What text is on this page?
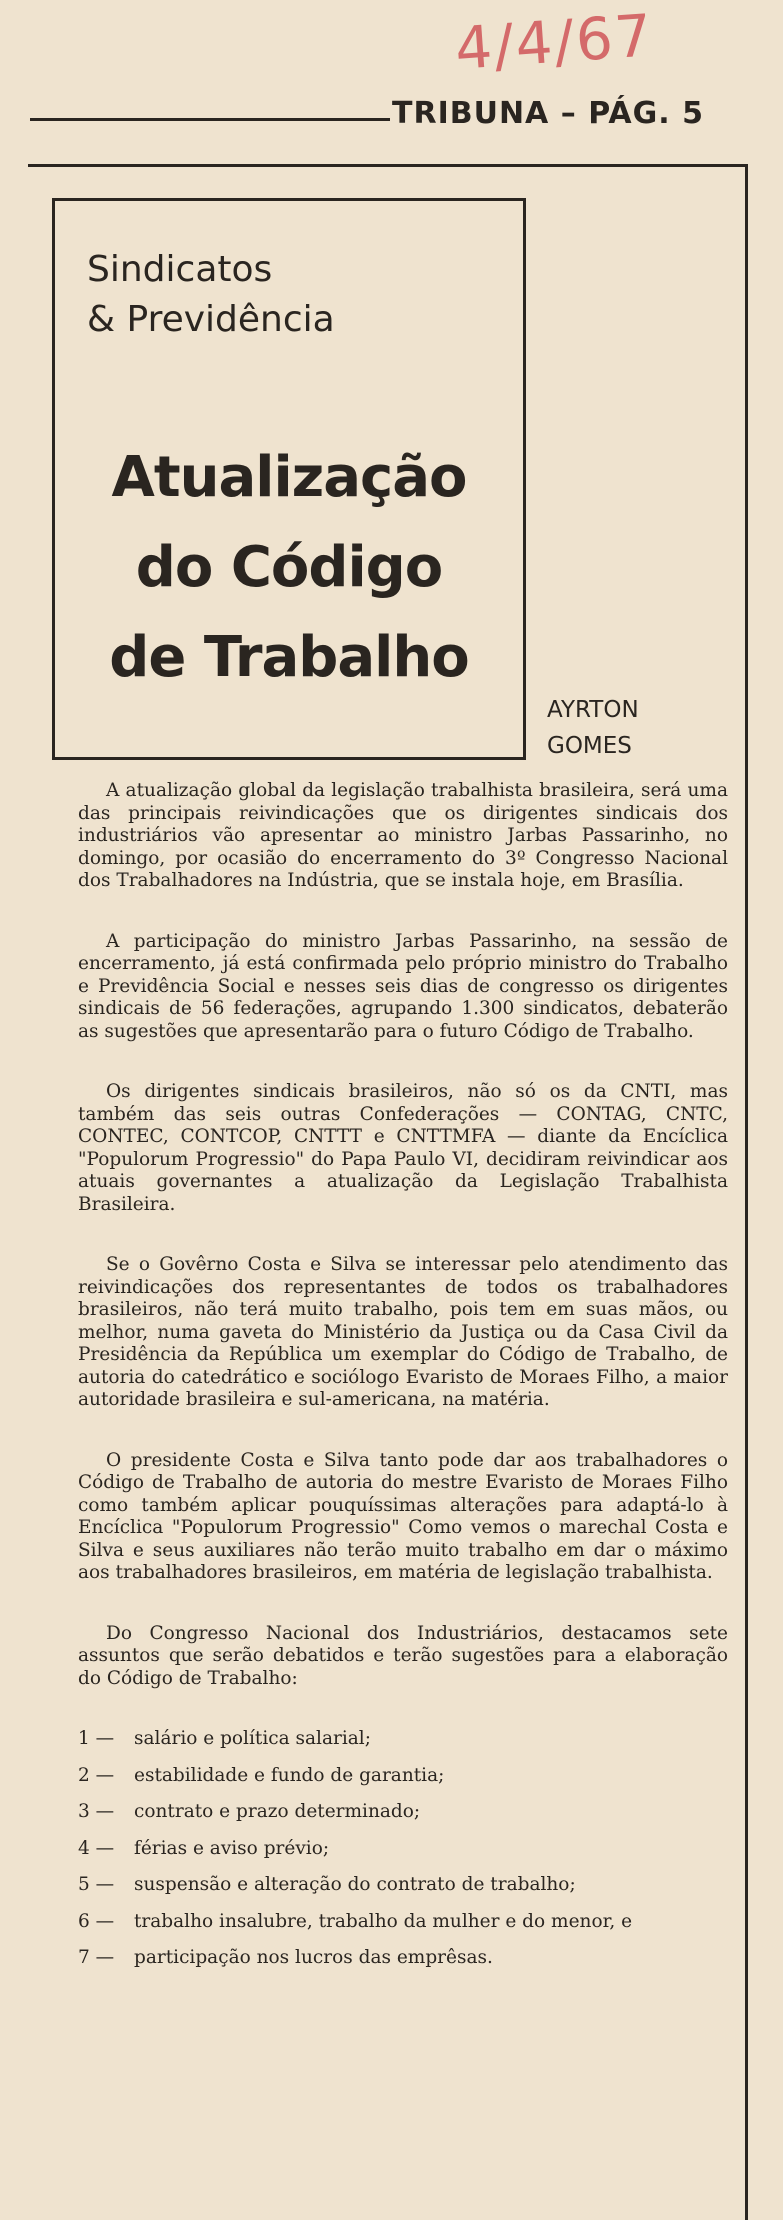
4/4/67
TRIBUNA – PÁG. 5
Sindicatos
& Previdência
Atualização
do Código
de Trabalho
AYRTON
GOMES

A atualização global da legislação trabalhista brasileira, será uma das principais reivindicações que os dirigentes sindicais dos industriários vão apresentar ao ministro Jarbas Passarinho, no domingo, por ocasião do encerramento do 3º Congresso Nacional dos Trabalhadores na Indústria, que se instala hoje, em Brasília.

A participação do ministro Jarbas Passarinho, na sessão de encerramento, já está confirmada pelo próprio ministro do Trabalho e Previdência Social e nesses seis dias de congresso os dirigentes sindicais de 56 federações, agrupando 1.300 sindicatos, debaterão as sugestões que apresentarão para o futuro Código de Trabalho.

Os dirigentes sindicais brasileiros, não só os da CNTI, mas também das seis outras Confederações — CONTAG, CNTC, CONTEC, CONTCOP, CNTTT e CNTTMFA — diante da Encíclica "Populorum Progressio" do Papa Paulo VI, decidiram reivindicar aos atuais governantes a atualização da Legislação Trabalhista Brasileira.

Se o Govêrno Costa e Silva se interessar pelo atendimento das reivindicações dos representantes de todos os trabalhadores brasileiros, não terá muito trabalho, pois tem em suas mãos, ou melhor, numa gaveta do Ministério da Justiça ou da Casa Civil da Presidência da República um exemplar do Código de Trabalho, de autoria do catedrático e sociólogo Evaristo de Moraes Filho, a maior autoridade brasileira e sul-americana, na matéria.

O presidente Costa e Silva tanto pode dar aos trabalhadores o Código de Trabalho de autoria do mestre Evaristo de Moraes Filho como também aplicar pouquíssimas alterações para adaptá-lo à Encíclica "Populorum Progressio" Como vemos o marechal Costa e Silva e seus auxiliares não terão muito trabalho em dar o máximo aos trabalhadores brasileiros, em matéria de legislação trabalhista.

Do Congresso Nacional dos Industriários, destacamos sete assuntos que serão debatidos e terão sugestões para a elaboração do Código de Trabalho:

1 —	salário e política salarial;
2 —	estabilidade e fundo de garantia;
3 —	contrato e prazo determinado;
4 —	férias e aviso prévio;
5 —	suspensão e alteração do contrato de trabalho;
6 —	trabalho insalubre, trabalho da mulher e do menor, e
7 —	participação nos lucros das emprêsas.
